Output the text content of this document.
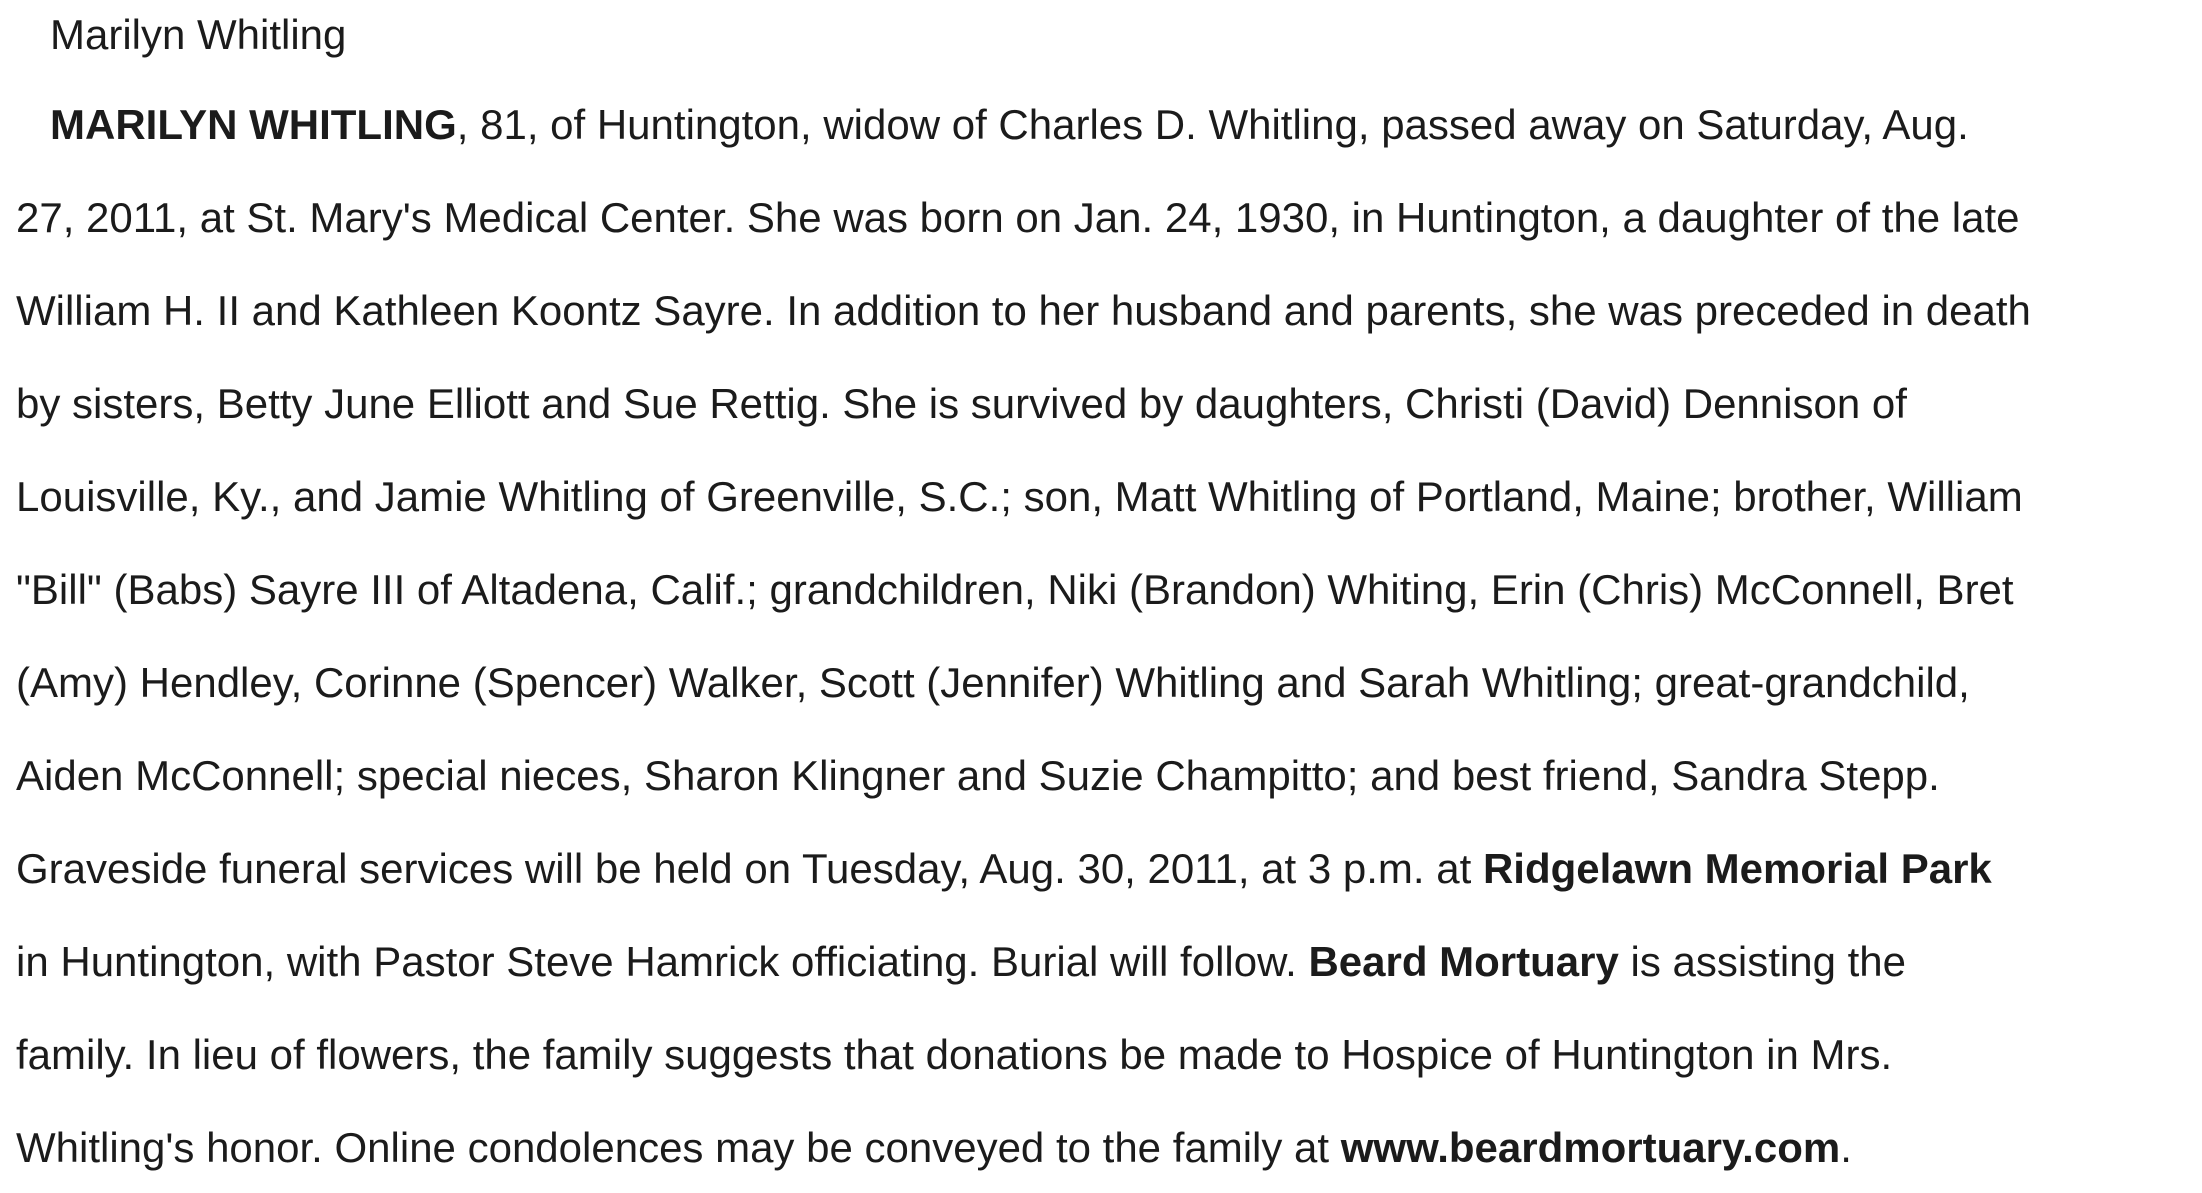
Marilyn Whitling
MARILYN WHITLING, 81, of Huntington, widow of Charles D. Whitling, passed away on Saturday, Aug.
27, 2011, at St. Mary's Medical Center. She was born on Jan. 24, 1930, in Huntington, a daughter of the late
William H. II and Kathleen Koontz Sayre. In addition to her husband and parents, she was preceded in death
by sisters, Betty June Elliott and Sue Rettig. She is survived by daughters, Christi (David) Dennison of
Louisville, Ky., and Jamie Whitling of Greenville, S.C.; son, Matt Whitling of Portland, Maine; brother, William
"Bill" (Babs) Sayre III of Altadena, Calif.; grandchildren, Niki (Brandon) Whiting, Erin (Chris) McConnell, Bret
(Amy) Hendley, Corinne (Spencer) Walker, Scott (Jennifer) Whitling and Sarah Whitling; great-grandchild,
Aiden McConnell; special nieces, Sharon Klingner and Suzie Champitto; and best friend, Sandra Stepp.
Graveside funeral services will be held on Tuesday, Aug. 30, 2011, at 3 p.m. at Ridgelawn Memorial Park
in Huntington, with Pastor Steve Hamrick officiating. Burial will follow. Beard Mortuary is assisting the
family. In lieu of flowers, the family suggests that donations be made to Hospice of Huntington in Mrs.
Whitling's honor. Online condolences may be conveyed to the family at www.beardmortuary.com.
